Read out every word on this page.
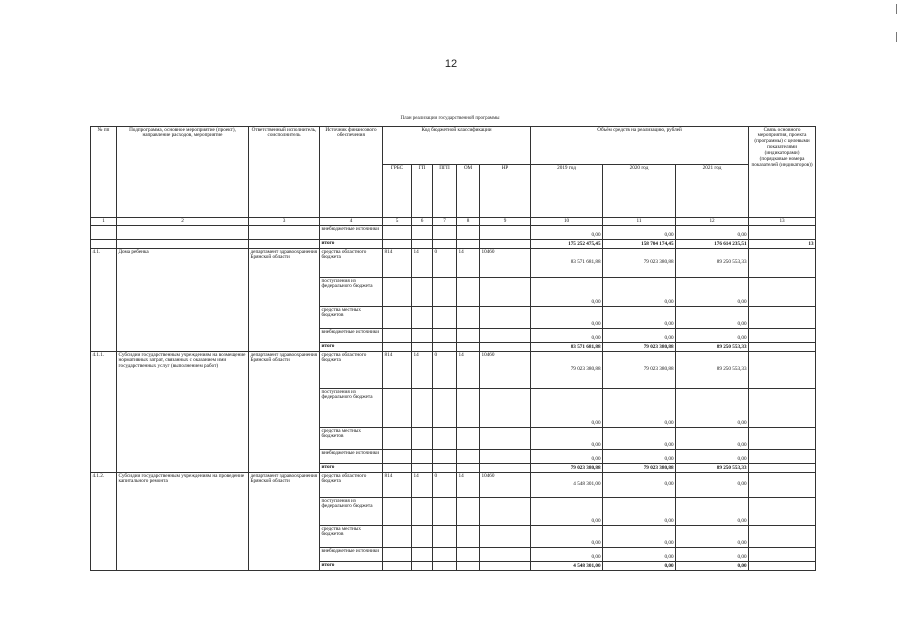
12
План реализации государственной программы
№ пп	Подпрограмма, основное мероприятие (проект), направление расходов, мероприятие	Ответственный исполнитель, соисполнитель	Источник финансового обеспечения	Код бюджетной классификации					Объём средств на реализацию, рублей			Связь основного мероприятия, проекта (программы) с целевыми показателями (индикаторами) (порядковые номера показателей (индикаторов))
				ГРБС	ГП	ПГП	ОМ	НР	2019 год	2020 год	2021 год	
1	2	3	4	5	6	7	8	9	10	11	12	13
			внебюджетные источники						0,00	0,00	0,00	
			итого						175 252 475,45	158 704 174,45	176 614 235,51	13
4.1.	Дома ребенка	департамент здравоохранения Брянской области	средства областного бюджета	814	14	0	14	10460	83 571 681,88	79 023 380,88	89 250 553,33	
			поступления из федерального бюджета						0,00	0,00	0,00	
			средства местных бюджетов						0,00	0,00	0,00	
			внебюджетные источники						0,00	0,00	0,00	
			итого						83 571 681,88	79 023 380,88	89 250 553,33	
4.1.1.	Субсидии государственным учреждениям на возмещение нормативных затрат, связанных с оказанием ими государственных услуг (выполнением работ)	департамент здравоохранения Брянской области	средства областного бюджета	814	14	0	14	10460	79 023 380,88	79 023 380,88	89 250 553,33	
			поступления из федерального бюджета						0,00	0,00	0,00	
			средства местных бюджетов						0,00	0,00	0,00	
			внебюджетные источники						0,00	0,00	0,00	
			итого						79 023 380,88	79 023 380,88	89 250 553,33	
4.1.2.	Субсидии государственным учреждениям на проведение капитального ремонта	департамент здравоохранения Брянской области	средства областного бюджета	814	14	0	14	10460	4 548 301,00	0,00	0,00	
			поступления из федерального бюджета						0,00	0,00	0,00	
			средства местных бюджетов						0,00	0,00	0,00	
			внебюджетные источники						0,00	0,00	0,00	
			итого						4 548 301,00	0,00	0,00	
